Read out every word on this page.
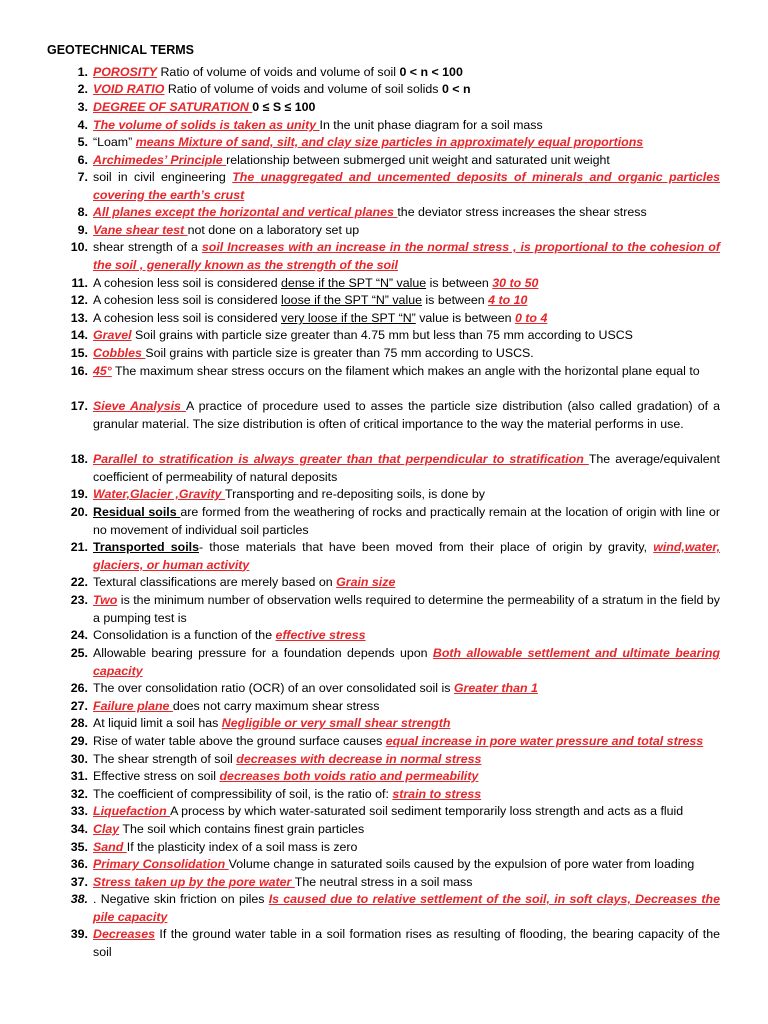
GEOTECHNICAL TERMS
1. POROSITY Ratio of volume of voids and volume of soil 0 < n < 100
2. VOID RATIO Ratio of volume of voids and volume of soil solids 0 < n
3. DEGREE OF SATURATION 0 ≤ S ≤ 100
4. The volume of solids is taken as unity In the unit phase diagram for a soil mass
5. “Loam” means Mixture of sand, silt, and clay size particles in approximately equal proportions
6. Archimedes’ Principle relationship between submerged unit weight and saturated unit weight
7. soil in civil engineering The unaggregated and uncemented deposits of minerals and organic particles covering the earth’s crust
8. All planes except the horizontal and vertical planes the deviator stress increases the shear stress
9. Vane shear test not done on a laboratory set up
10. shear strength of a soil Increases with an increase in the normal stress , is proportional to the cohesion of the soil , generally known as the strength of the soil
11. A cohesion less soil is considered dense if the SPT “N” value is between 30 to 50
12. A cohesion less soil is considered loose if the SPT “N” value is between 4 to 10
13. A cohesion less soil is considered very loose if the SPT “N” value is between 0 to 4
14. Gravel Soil grains with particle size greater than 4.75 mm but less than 75 mm according to USCS
15. Cobbles Soil grains with particle size is greater than 75 mm according to USCS.
16. 45° The maximum shear stress occurs on the filament which makes an angle with the horizontal plane equal to
17. Sieve Analysis A practice of procedure used to asses the particle size distribution (also called gradation) of a granular material. The size distribution is often of critical importance to the way the material performs in use.
18. Parallel to stratification is always greater than that perpendicular to stratification The average/equivalent coefficient of permeability of natural deposits
19. Water,Glacier ,Gravity Transporting and re-depositing soils, is done by
20. Residual soils are formed from the weathering of rocks and practically remain at the location of origin with line or no movement of individual soil particles
21. Transported soils- those materials that have been moved from their place of origin by gravity, wind,water, glaciers, or human activity
22. Textural classifications are merely based on Grain size
23. Two is the minimum number of observation wells required to determine the permeability of a stratum in the field by a pumping test is
24. Consolidation is a function of the effective stress
25. Allowable bearing pressure for a foundation depends upon Both allowable settlement and ultimate bearing capacity
26. The over consolidation ratio (OCR) of an over consolidated soil is Greater than 1
27. Failure plane does not carry maximum shear stress
28. At liquid limit a soil has Negligible or very small shear strength
29. Rise of water table above the ground surface causes equal increase in pore water pressure and total stress
30. The shear strength of soil decreases with decrease in normal stress
31. Effective stress on soil decreases both voids ratio and permeability
32. The coefficient of compressibility of soil, is the ratio of: strain to stress
33. Liquefaction A process by which water-saturated soil sediment temporarily loss strength and acts as a fluid
34. Clay The soil which contains finest grain particles
35. Sand If the plasticity index of a soil mass is zero
36. Primary Consolidation Volume change in saturated soils caused by the expulsion of pore water from loading
37. Stress taken up by the pore water The neutral stress in a soil mass
38. . Negative skin friction on piles Is caused due to relative settlement of the soil, in soft clays, Decreases the pile capacity
39. Decreases If the ground water table in a soil formation rises as resulting of flooding, the bearing capacity of the soil
